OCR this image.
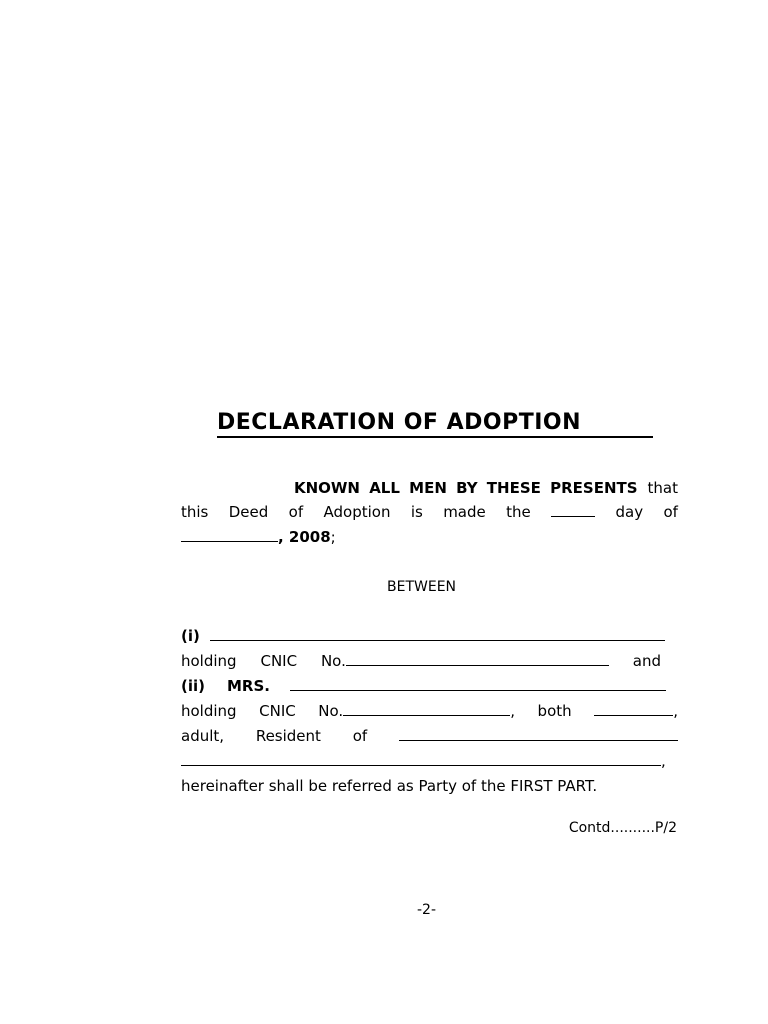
DECLARATION OF ADOPTION
KNOWN ALL MEN BY THESE PRESENTS that
this Deed of Adoption is made the	day of
, 2008 ;
BETWEEN
(i)
holding CNIC No.	and
(ii) MRS.
holding CNIC No.	, both	,
adult, Resident of
,
hereinafter shall be referred as Party of the FIRST PART.
Contd..........P/2
-2-
